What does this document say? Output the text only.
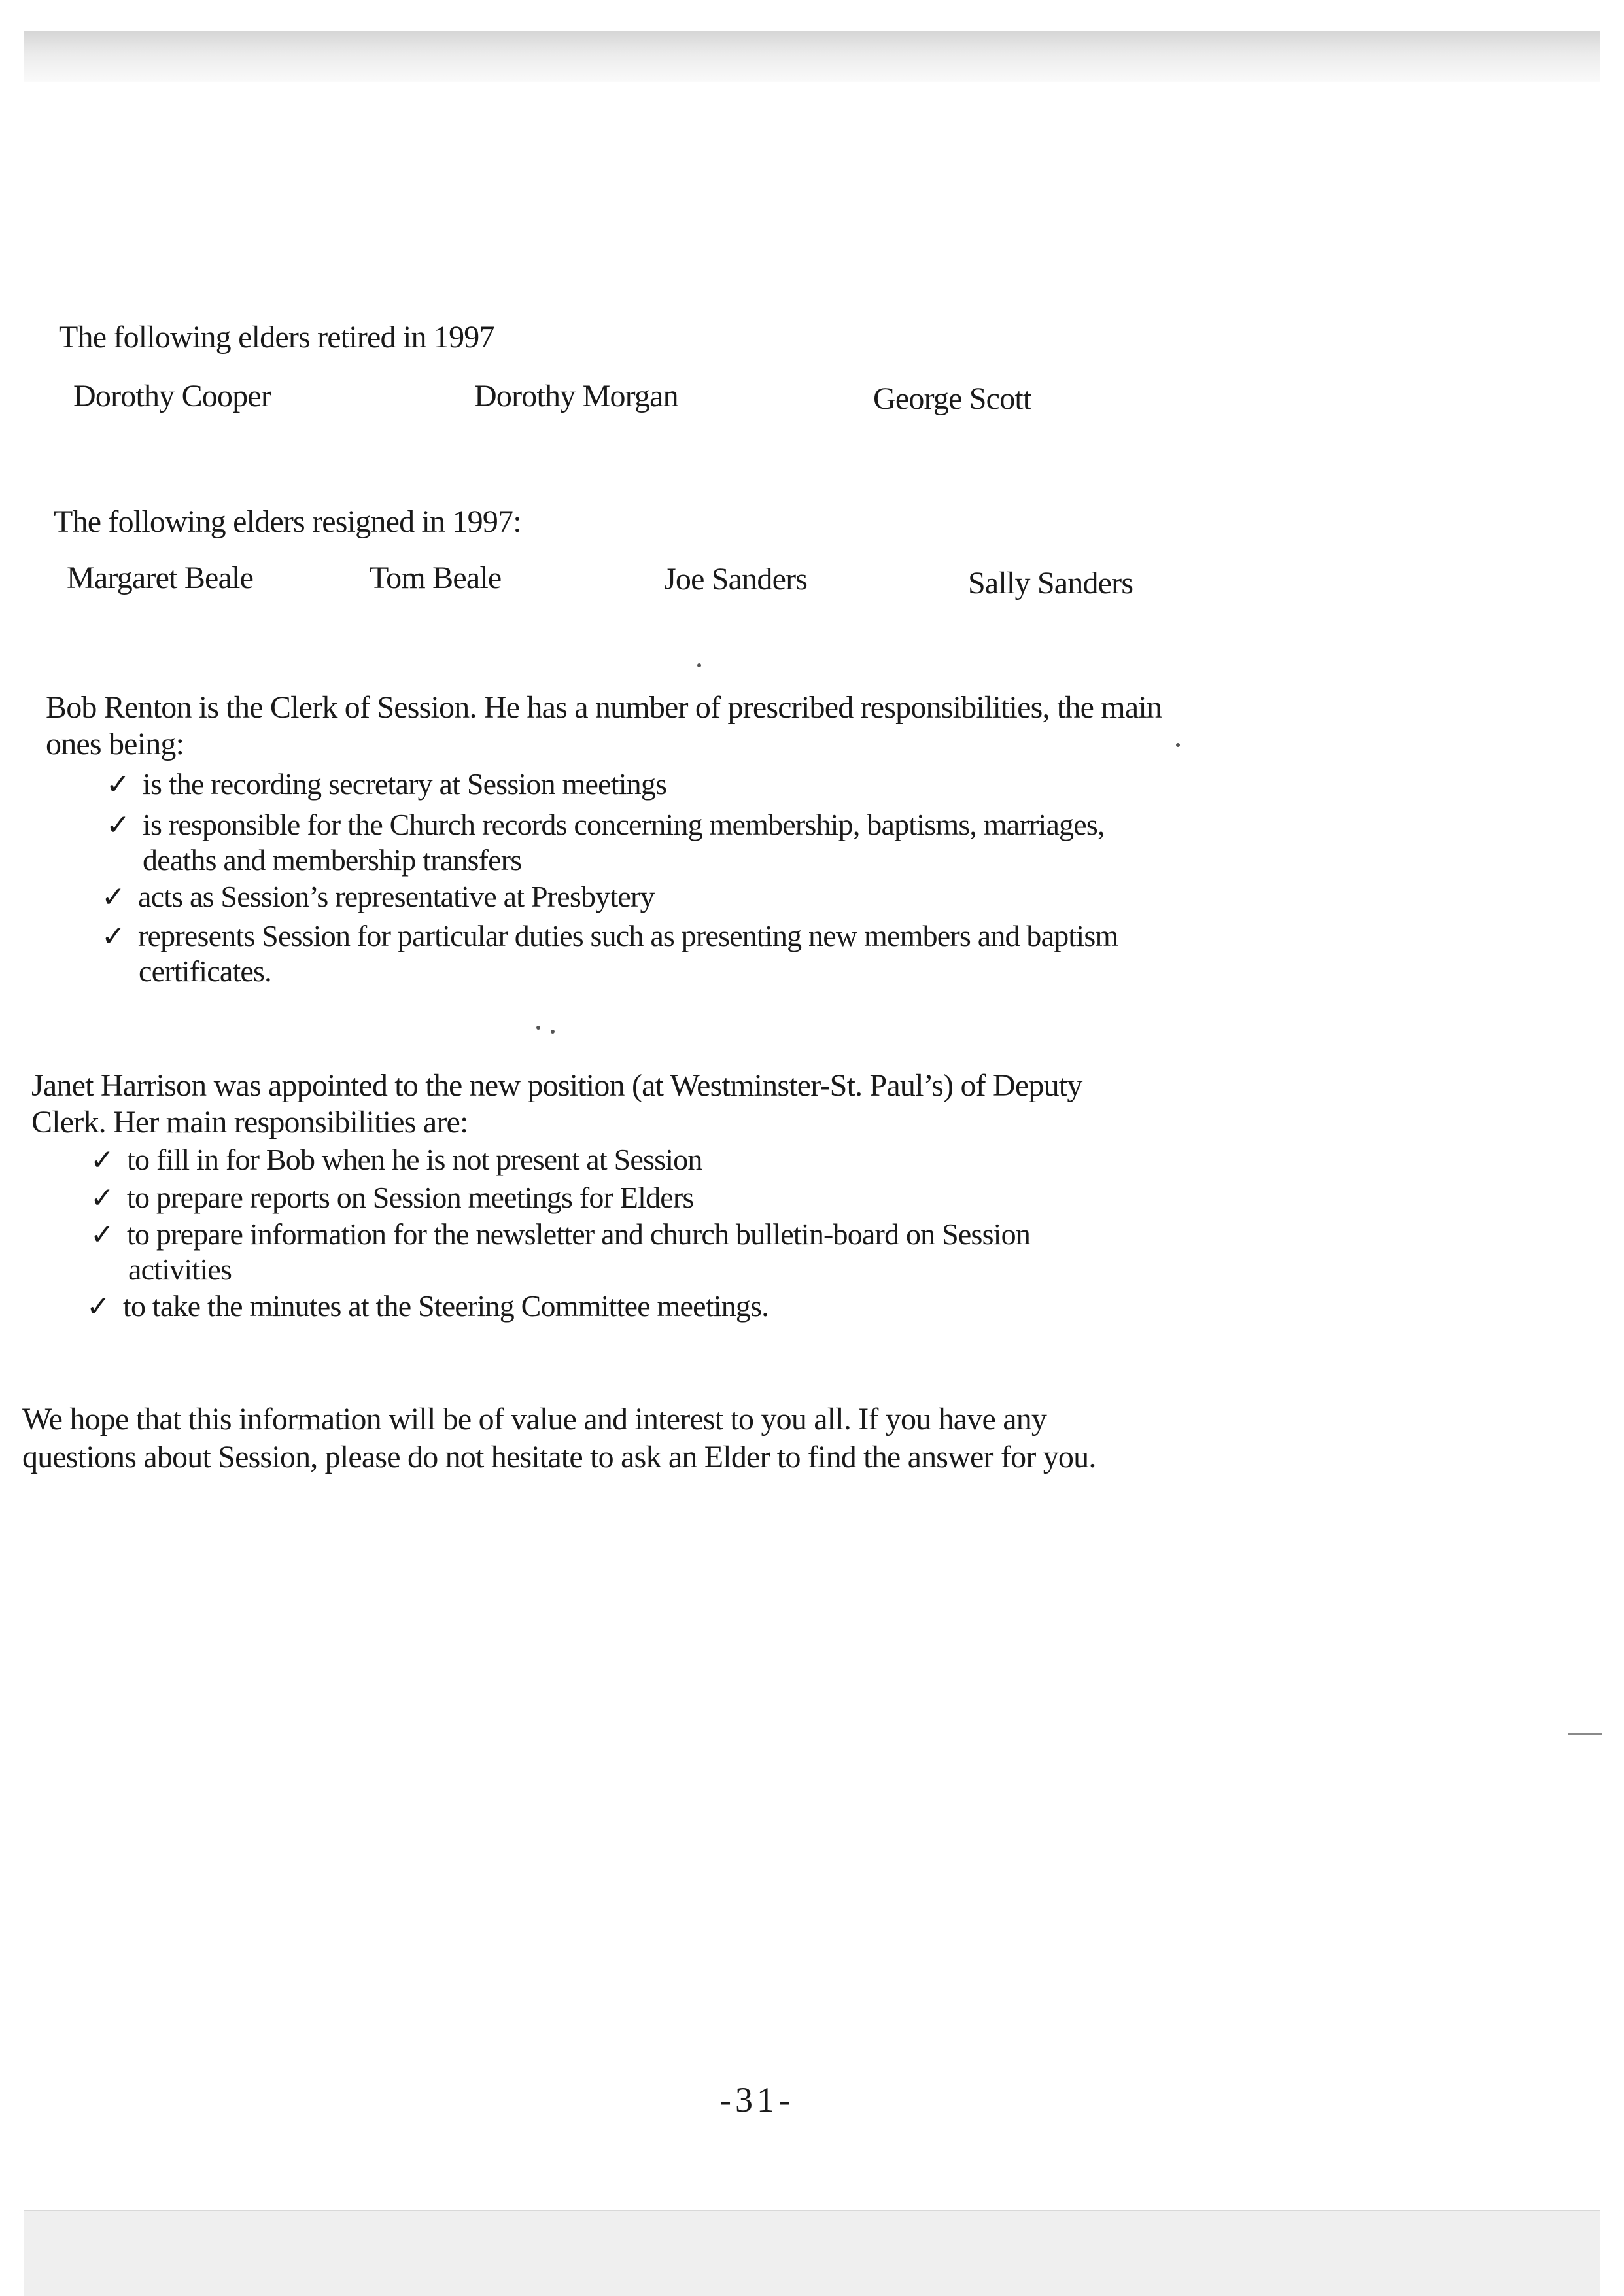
The following elders retired in 1997
Dorothy Cooper	Dorothy Morgan	George Scott
The following elders resigned in 1997:
Margaret Beale	Tom Beale	Joe Sanders	Sally Sanders
Bob Renton is the Clerk of Session. He has a number of prescribed responsibilities, the main
ones being:
✓ is the recording secretary at Session meetings
✓ is responsible for the Church records concerning membership, baptisms, marriages,
deaths and membership transfers
✓ acts as Session’s representative at Presbytery
✓ represents Session for particular duties such as presenting new members and baptism
certificates.
Janet Harrison was appointed to the new position (at Westminster-St. Paul’s) of Deputy
Clerk. Her main responsibilities are:
✓ to fill in for Bob when he is not present at Session
✓ to prepare reports on Session meetings for Elders
✓ to prepare information for the newsletter and church bulletin-board on Session
activities
✓ to take the minutes at the Steering Committee meetings.
We hope that this information will be of value and interest to you all. If you have any
questions about Session, please do not hesitate to ask an Elder to find the answer for you.
-31-
